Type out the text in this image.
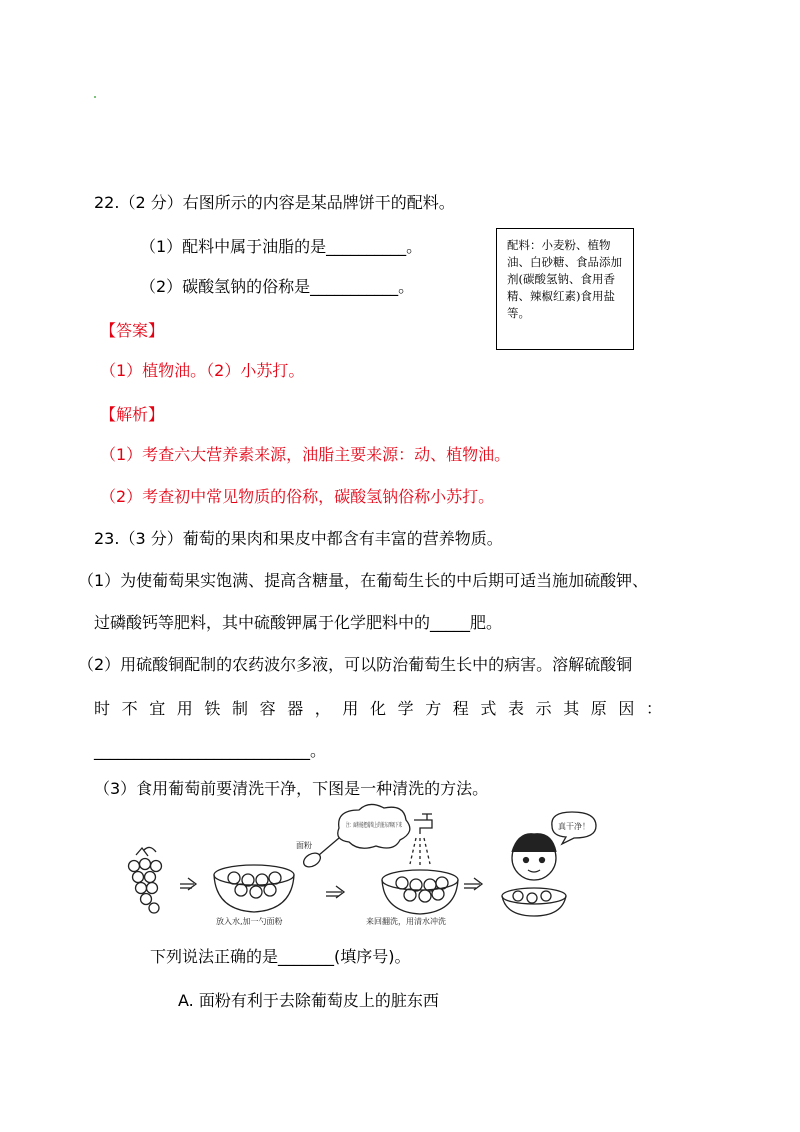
22.（2 分）右图所示的内容是某品牌饼干的配料。
（1）配料中属于油脂的是__________。
（2）碳酸氢钠的俗称是___________。
配料：小麦粉、植物油、白砂糖、食品添加剂(碳酸氢钠、食用香精、辣椒红素)食用盐等。
【答案】
（1）植物油。（2）小苏打。
【解析】
（1）考查六大营养素来源，油脂主要来源：动、植物油。
（2）考查初中常见物质的俗称，碳酸氢钠俗称小苏打。
23.（3 分）葡萄的果肉和果皮中都含有丰富的营养物质。
（1）为使葡萄果实饱满、提高含糖量，在葡萄生长的中后期可适当施加硫酸钾、
过磷酸钙等肥料，其中硫酸钾属于化学肥料中的_____肥。
（2）用硫酸铜配制的农药波尔多液，可以防治葡萄生长中的病害。溶解硫酸铜
时不宜用铁制容器，用化学方程式表示其原因：
___________________________。
（3）食用葡萄前要清洗干净，下图是一种清洗的方法。
面粉
注：面粉能把葡萄上的脏东西吸下来
放入水,加一勺面粉	来回翻洗，用清水冲洗
真干净！
下列说法正确的是_______(填序号)。
A. 面粉有利于去除葡萄皮上的脏东西
